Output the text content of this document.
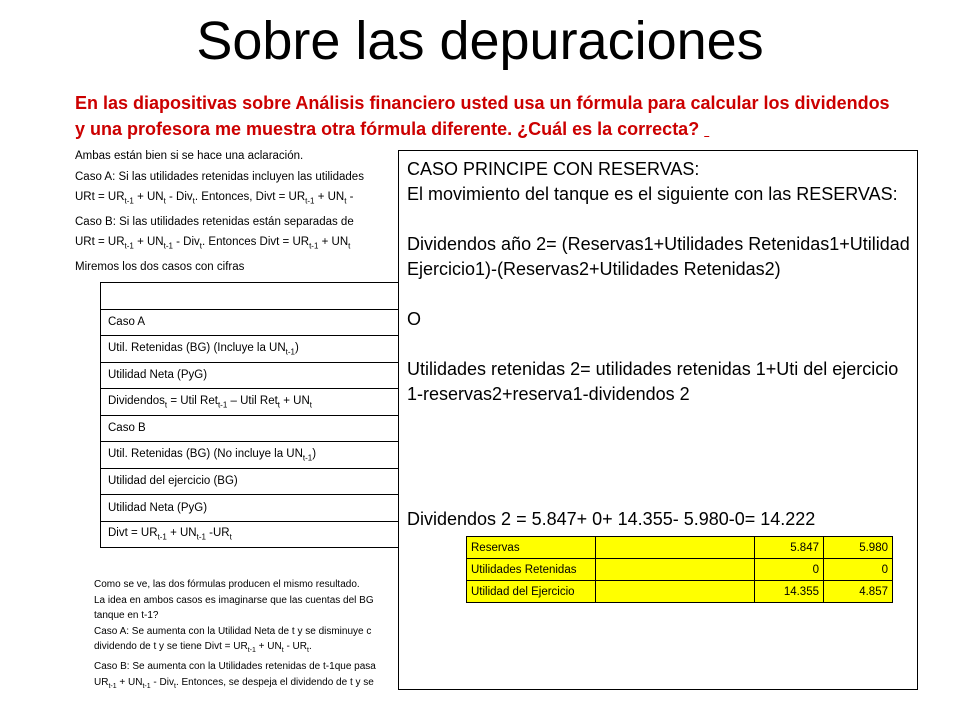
Sobre las depuraciones
En las diapositivas sobre Análisis financiero usted usa un fórmula para calcular los dividendos y una profesora me muestra otra fórmula diferente. ¿Cuál es la correcta?
Ambas están bien si se hace una aclaración.
Caso A: Si las utilidades retenidas incluyen las utilidades
URt = $UR_{t-1} + UN_t - Div_t$. Entonces, Divt = $UR_{t-1} + UN_t$ -
Caso B: Si las utilidades retenidas están separadas de
URt = $UR_{t-1} + UN_{t-1} - Div_t$. Entonces Divt = $UR_{t-1} + UN_t$
Miremos los dos casos con cifras

Caso A
Util. Retenidas (BG) (Incluye la $UN_{t-1}$)
Utilidad Neta (PyG)
Dividendos$_t$ = Util Ret$_{t-1}$ – Util $Ret_t + UN_t$
Caso B
Util. Retenidas (BG) (No incluye la $UN_{t-1}$)
Utilidad del ejercicio (BG)
Utilidad Neta (PyG)
Divt = $UR_{t-1} + UN_{t-1}$ $-UR_t$
Como se ve, las dos fórmulas producen el mismo resultado.
La idea en ambos casos es imaginarse que las cuentas del BG
tanque en t-1?
Caso A: Se aumenta con la Utilidad Neta de t y se disminuye c
dividendo de t y se tiene Divt = $UR_{t-1} + UN_t - UR_t$.
Caso B: Se aumenta con la Utilidades retenidas de t-1que pasa
$UR_{t-1} + UN_{t-1} - Div_t$. Entonces, se despeja el dividendo de t y se

CASO PRINCIPE CON RESERVAS:

El movimiento del tanque es el siguiente con las RESERVAS:

Dividendos año 2= (Reservas1+Utilidades Retenidas1+Utilidad Ejercicio1)-(Reservas2+Utilidades Retenidas2)

O

Utilidades retenidas 2= utilidades retenidas 1+Uti del ejercicio 1-reservas2+reserva1-dividendos 2

Dividendos 2 = 5.847+ 0+ 14.355- 5.980-0= 14.222

Reservas		5.847	5.980
Utilidades Retenidas		0	0
Utilidad del Ejercicio		14.355	4.857
